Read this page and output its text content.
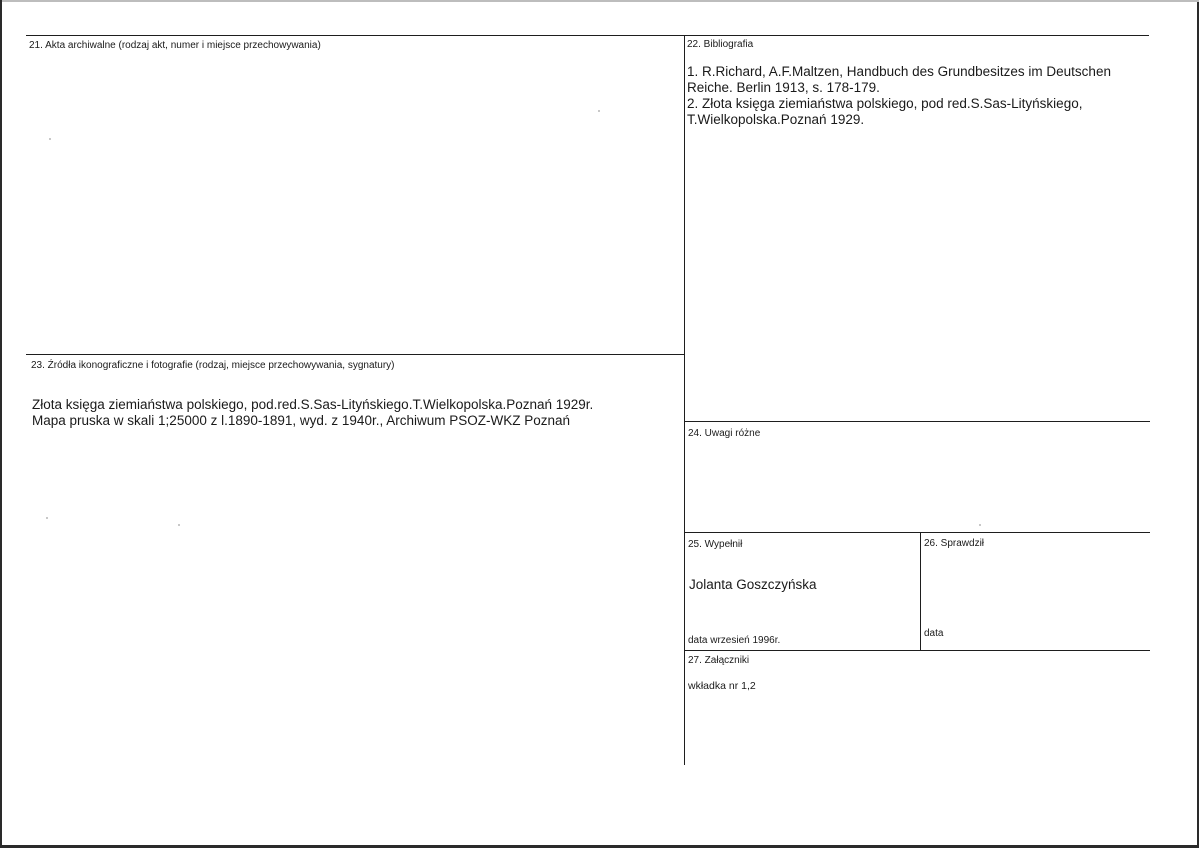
21. Akta archiwalne (rodzaj akt, numer i miejsce przechowywania)	22. Bibliografia
1. R.Richard, A.F.Maltzen, Handbuch des Grundbesitzes im Deutschen
Reiche. Berlin 1913, s. 178-179.
2. Złota księga ziemiaństwa polskiego, pod red.S.Sas-Lityńskiego,
T.Wielkopolska.Poznań 1929.
23. Źródła ikonograficzne i fotografie (rodzaj, miejsce przechowywania, sygnatury)
Złota księga ziemiaństwa polskiego, pod.red.S.Sas-Lityńskiego.T.Wielkopolska.Poznań 1929r.
Mapa pruska w skali 1;25000 z l.1890-1891, wyd. z 1940r., Archiwum PSOZ-WKZ Poznań
24. Uwagi różne
25. Wypełnił
Jolanta Goszczyńska
data wrzesień 1996r.
26. Sprawdził
data
27. Załączniki
wkładka nr 1,2
